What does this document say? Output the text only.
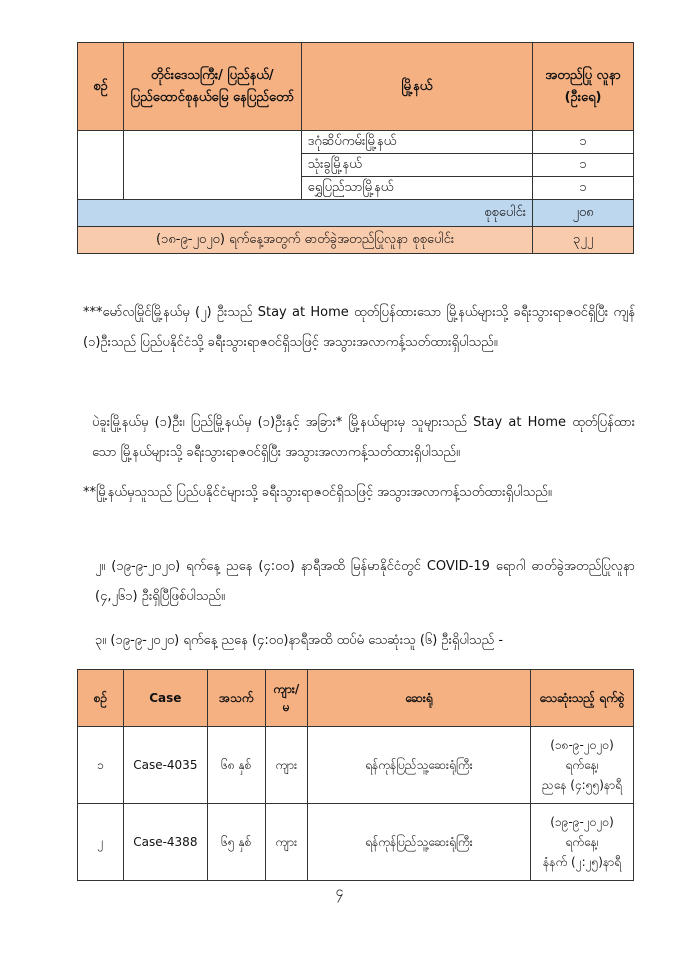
စဉ်	တိုင်းဒေသကြီး/ ပြည်နယ်/ ပြည်ထောင်စုနယ်မြေ နေပြည်တော်	မြို့နယ်	အတည်ပြု လူနာ (ဦးရေ)
		ဒဂုံဆိပ်ကမ်းမြို့နယ်	၁
		သုံးခွမြို့နယ်	၁
		ရွှေပြည်သာမြို့နယ်	၁
စုစုပေါင်း			၂၀၈
(၁၈-၉-၂၀၂၀) ရက်နေ့အတွက် ဓာတ်ခွဲအတည်ပြုလူနာ စုစုပေါင်း			၃၂၂

***မော်လမြိုင်မြို့နယ်မှ (၂) ဦးသည် Stay at Home ထုတ်ပြန်ထားသော မြို့နယ်များသို့ ခရီးသွားရာဇဝင်ရှိပြီး ကျန် (၁)ဦးသည် ပြည်ပနိုင်ငံသို့ ခရီးသွားရာဇဝင်ရှိသဖြင့် အသွားအလာကန့်သတ်ထားရှိပါသည်။

ပဲခူးမြို့နယ်မှ (၁)ဦး၊ ပြည်မြို့နယ်မှ (၁)ဦးနှင့် အခြား* မြို့နယ်များမှ သူများသည် Stay at Home ထုတ်ပြန်ထားသော မြို့နယ်များသို့ ခရီးသွားရာဇဝင်ရှိပြီး အသွားအလာကန့်သတ်ထားရှိပါသည်။

**မြို့နယ်မှသူသည် ပြည်ပနိုင်ငံများသို့ ခရီးသွားရာဇဝင်ရှိသဖြင့် အသွားအလာကန့်သတ်ထားရှိပါသည်။

၂။ (၁၉-၉-၂၀၂၀) ရက်နေ့ ညနေ (၄:၀၀) နာရီအထိ မြန်မာနိုင်ငံတွင် COVID-19 ရောဂါ ဓာတ်ခွဲအတည်ပြုလူနာ (၄,၂၆၁) ဦးရှိပြီဖြစ်ပါသည်။

၃။ (၁၉-၉-၂၀၂၀) ရက်နေ့ ညနေ (၄:၀၀)နာရီအထိ ထပ်မံ သေဆုံးသူ (၆) ဦးရှိပါသည် -

စဉ်	Case	အသက်	ကျား/ မ	ဆေးရုံ	သေဆုံးသည့် ရက်စွဲ
၁	Case-4035	၆၈ နှစ်	ကျား	ရန်ကုန်ပြည်သူ့ဆေးရုံကြီး	(၁၈-၉-၂၀၂၀)
ရက်နေ့၊
ညနေ (၄:၅၅)နာရီ

၂	Case-4388	၆၅ နှစ်	ကျား	ရန်ကုန်ပြည်သူ့ဆေးရုံကြီး	(၁၉-၉-၂၀၂၀)
ရက်နေ့၊
နံနက် (၂:၂၅)နာရီ
၄
